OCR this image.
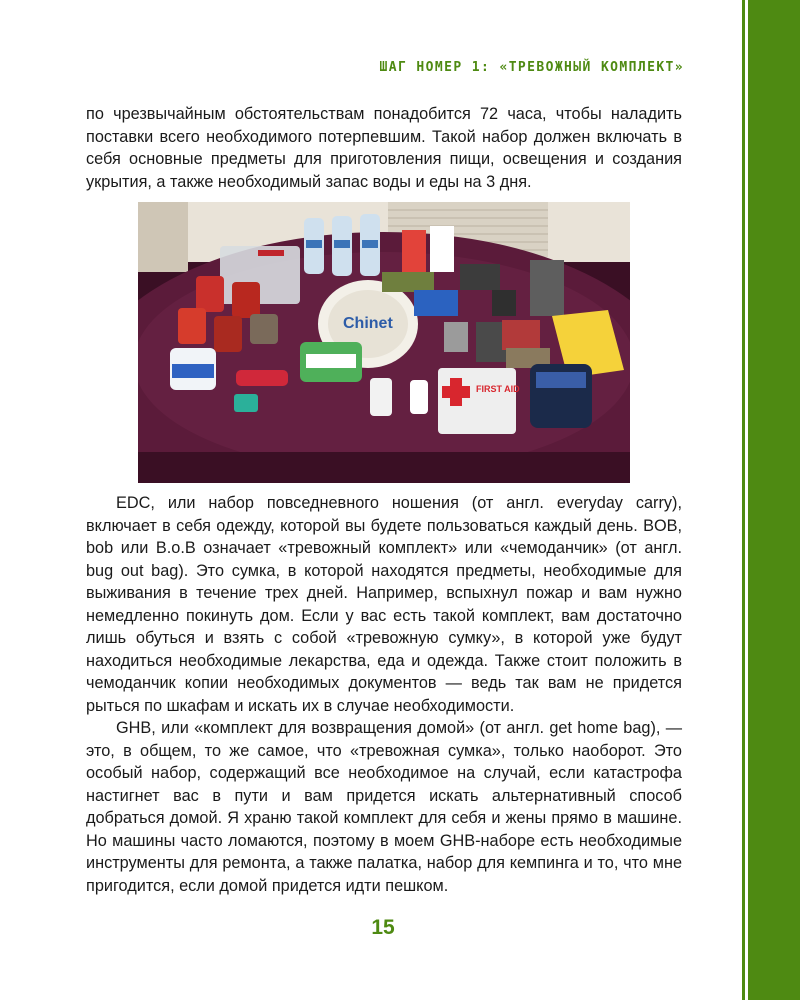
ШАГ НОМЕР 1: «ТРЕВОЖНЫЙ КОМПЛЕКТ»

по чрезвычайным обстоятельствам понадобится 72 часа, чтобы наладить поставки всего необходимого потерпевшим. Такой набор должен включать в себя основные предметы для приготовления пищи, освещения и создания укрытия, а также необходимый запас воды и еды на 3 дня.

Chinet
FIRST AID

EDC, или набор повседневного ношения (от англ. everyday carry), включает в себя одежду, которой вы будете пользоваться каждый день. BOB, bob или B.o.B означает «тревожный комплект» или «чемоданчик» (от англ. bug out bag). Это сумка, в которой находятся предметы, необходимые для выживания в течение трех дней. Например, вспыхнул пожар и вам нужно немедленно покинуть дом. Если у вас есть такой комплект, вам достаточно лишь обуться и взять с собой «тревожную сумку», в которой уже будут находиться необходимые лекарства, еда и одежда. Также стоит положить в чемоданчик копии необходимых документов — ведь так вам не придется рыться по шкафам и искать их в случае необходимости.

GHB, или «комплект для возвращения домой» (от англ. get home bag), — это, в общем, то же самое, что «тревожная сумка», только наоборот. Это особый набор, содержащий все необходимое на случай, если катастрофа настигнет вас в пути и вам придется искать альтернативный способ добраться домой. Я храню такой комплект для себя и жены прямо в машине. Но машины часто ломаются, поэтому в моем GHB-наборе есть необходимые инструменты для ремонта, а также палатка, набор для кемпинга и то, что мне пригодится, если домой придется идти пешком.

15
